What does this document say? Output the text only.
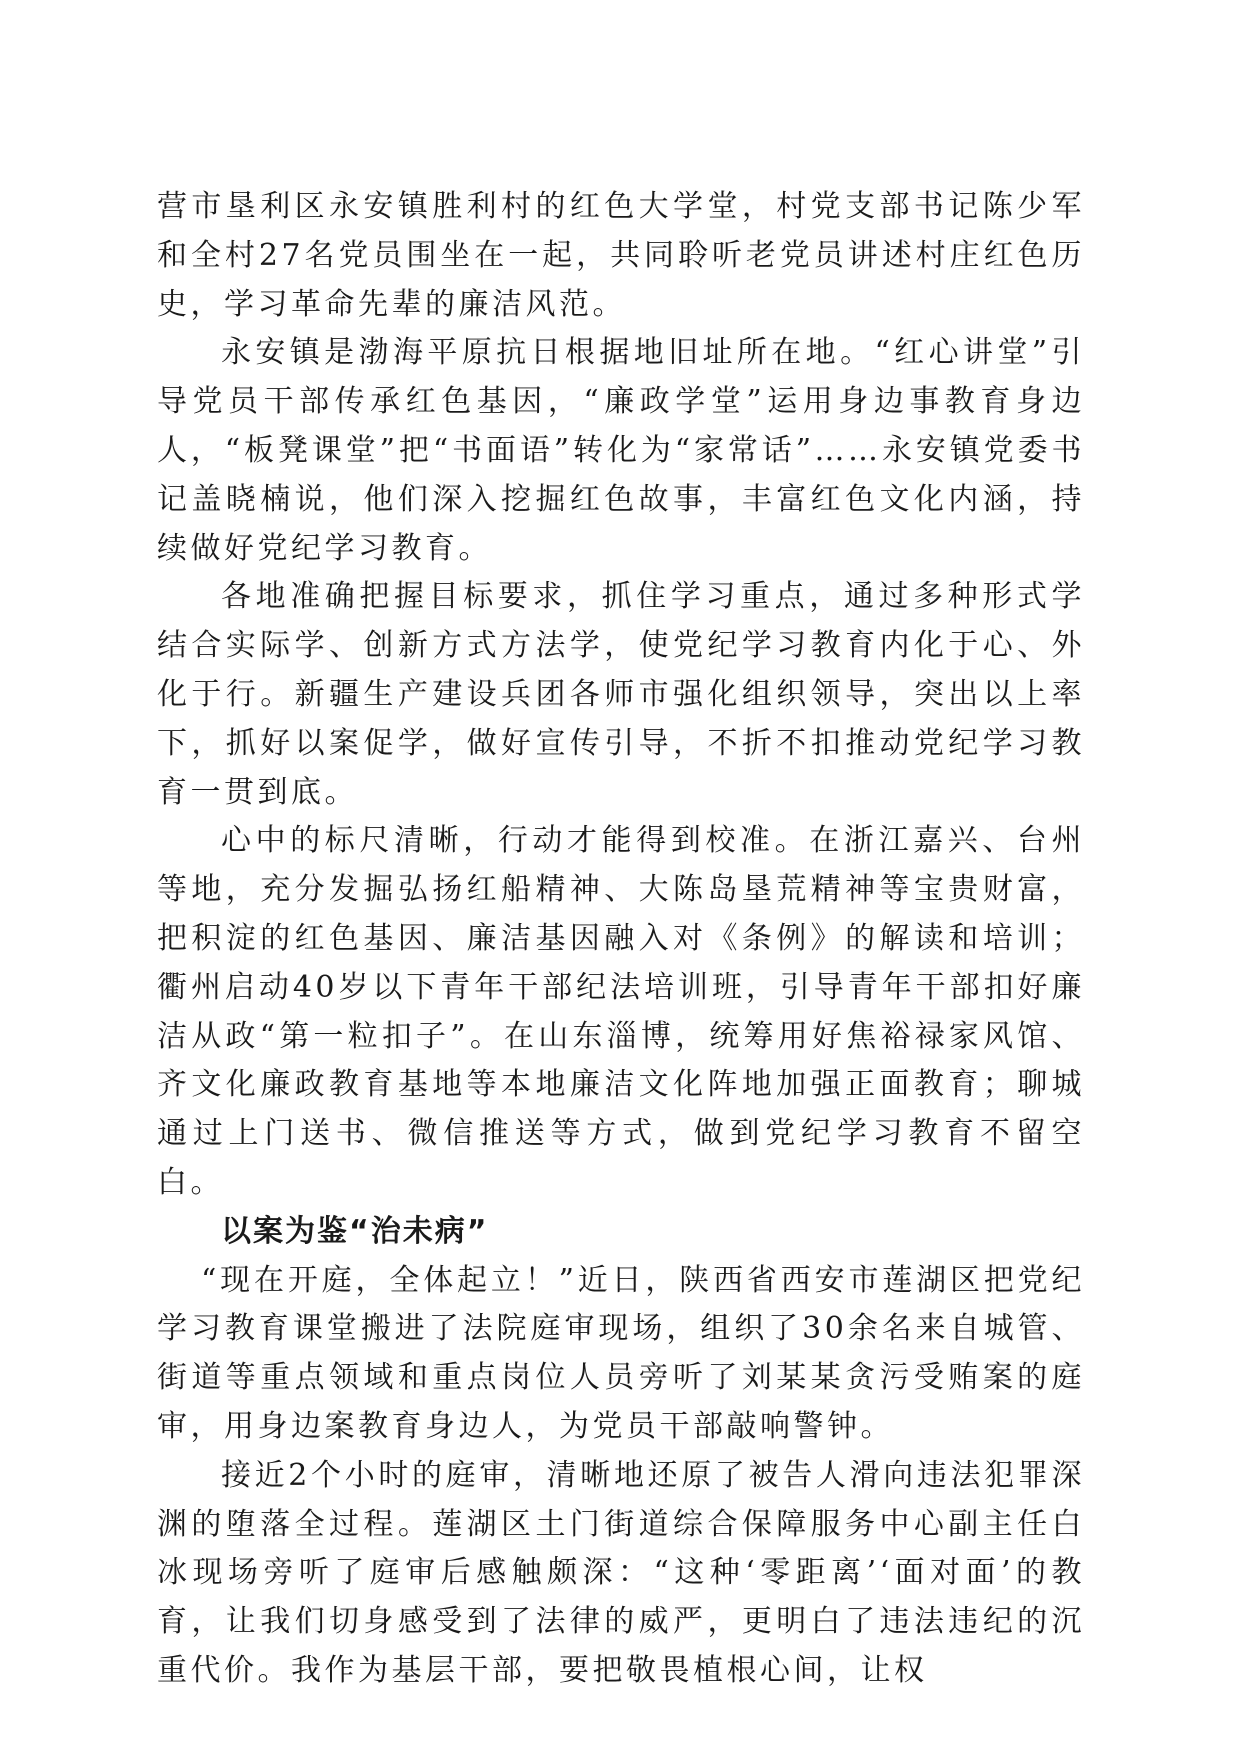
营市垦利区永安镇胜利村的红色大学堂，村党支部书记陈少军和全村27名党员围坐在一起，共同聆听老党员讲述村庄红色历史，学习革命先辈的廉洁风范。

永安镇是渤海平原抗日根据地旧址所在地。“红心讲堂”引导党员干部传承红色基因，“廉政学堂”运用身边事教育身边人，“板凳课堂”把“书面语”转化为“家常话”……永安镇党委书记盖晓楠说，他们深入挖掘红色故事，丰富红色文化内涵，持续做好党纪学习教育。

各地准确把握目标要求，抓住学习重点，通过多种形式学结合实际学、创新方式方法学，使党纪学习教育内化于心、外化于行。新疆生产建设兵团各师市强化组织领导，突出以上率下，抓好以案促学，做好宣传引导，不折不扣推动党纪学习教育一贯到底。

心中的标尺清晰，行动才能得到校准。在浙江嘉兴、台州等地，充分发掘弘扬红船精神、大陈岛垦荒精神等宝贵财富，把积淀的红色基因、廉洁基因融入对《条例》的解读和培训；衢州启动40岁以下青年干部纪法培训班，引导青年干部扣好廉洁从政“第一粒扣子”。在山东淄博，统筹用好焦裕禄家风馆、齐文化廉政教育基地等本地廉洁文化阵地加强正面教育；聊城通过上门送书、微信推送等方式，做到党纪学习教育不留空白。

以案为鉴“治未病”

“现在开庭，全体起立！”近日，陕西省西安市莲湖区把党纪学习教育课堂搬进了法院庭审现场，组织了30余名来自城管、街道等重点领域和重点岗位人员旁听了刘某某贪污受贿案的庭审，用身边案教育身边人，为党员干部敲响警钟。

接近2个小时的庭审，清晰地还原了被告人滑向违法犯罪深渊的堕落全过程。莲湖区土门街道综合保障服务中心副主任白冰现场旁听了庭审后感触颇深：“这种‘零距离’‘面对面’的教育，让我们切身感受到了法律的威严，更明白了违法违纪的沉重代价。我作为基层干部，要把敬畏植根心间，让权
